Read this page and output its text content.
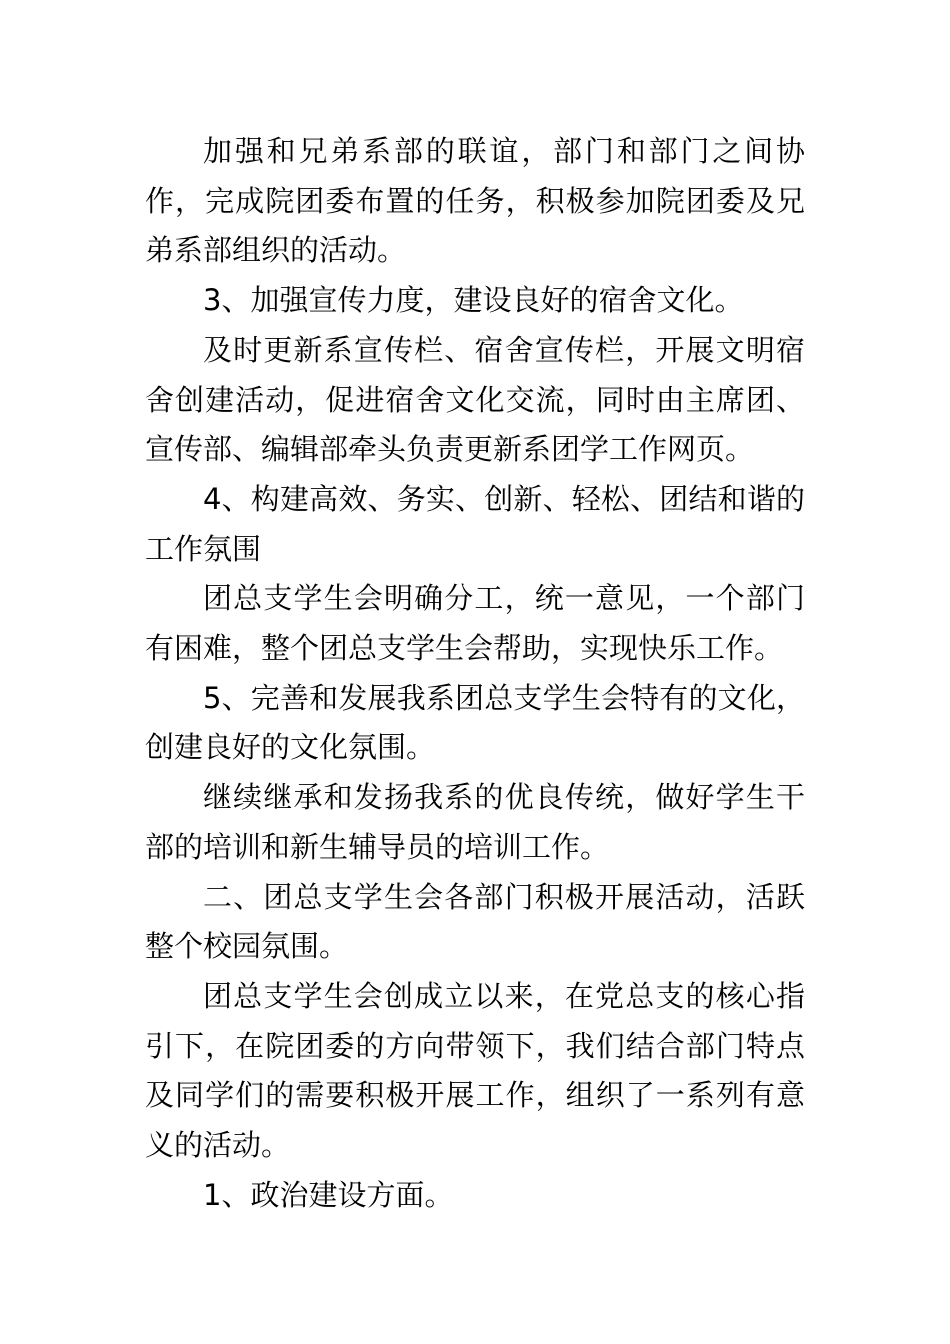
加强和兄弟系部的联谊，部门和部门之间协作，完成院团委布置的任务，积极参加院团委及兄弟系部组织的活动。

3、加强宣传力度，建设良好的宿舍文化。

及时更新系宣传栏、宿舍宣传栏，开展文明宿舍创建活动，促进宿舍文化交流，同时由主席团、宣传部、编辑部牵头负责更新系团学工作网页。

4、构建高效、务实、创新、轻松、团结和谐的工作氛围

团总支学生会明确分工，统一意见，一个部门有困难，整个团总支学生会帮助，实现快乐工作。

5、完善和发展我系团总支学生会特有的文化，创建良好的文化氛围。

继续继承和发扬我系的优良传统，做好学生干部的培训和新生辅导员的培训工作。

二、团总支学生会各部门积极开展活动，活跃整个校园氛围。

团总支学生会创成立以来，在党总支的核心指引下，在院团委的方向带领下，我们结合部门特点及同学们的需要积极开展工作，组织了一系列有意义的活动。

1、政治建设方面。
